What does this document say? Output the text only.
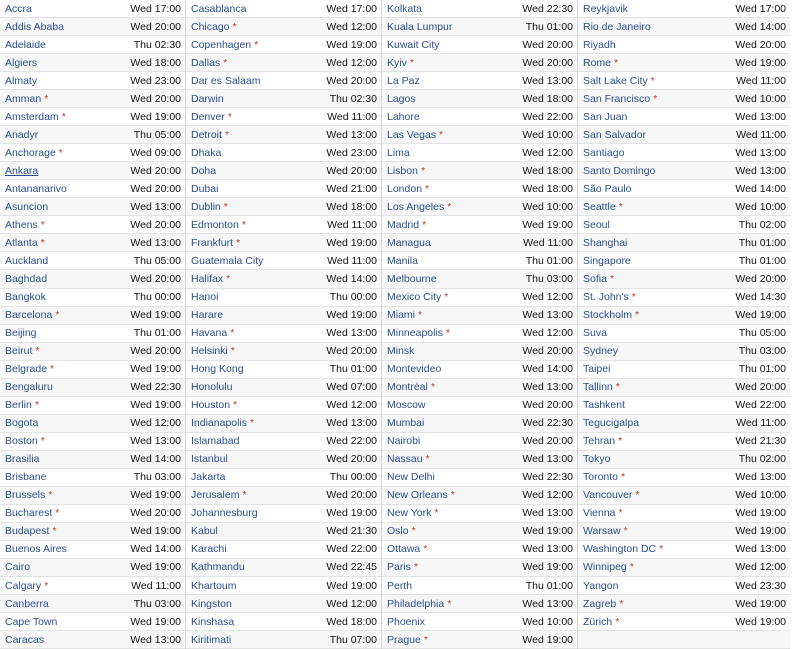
Accra	Wed 17:00
Addis Ababa	Wed 20:00
Adelaide	Thu 02:30
Algiers	Wed 18:00
Almaty	Wed 23:00
Amman *	Wed 20:00
Amsterdam *	Wed 19:00
Anadyr	Thu 05:00
Anchorage *	Wed 09:00
Ankara	Wed 20:00
Antananarivo	Wed 20:00
Asuncion	Wed 13:00
Athens *	Wed 20:00
Atlanta *	Wed 13:00
Auckland	Thu 05:00
Baghdad	Wed 20:00
Bangkok	Thu 00:00
Barcelona *	Wed 19:00
Beijing	Thu 01:00
Beirut *	Wed 20:00
Belgrade *	Wed 19:00
Bengaluru	Wed 22:30
Berlin *	Wed 19:00
Bogota	Wed 12:00
Boston *	Wed 13:00
Brasilia	Wed 14:00
Brisbane	Thu 03:00
Brussels *	Wed 19:00
Bucharest *	Wed 20:00
Budapest *	Wed 19:00
Buenos Aires	Wed 14:00
Cairo	Wed 19:00
Calgary *	Wed 11:00
Canberra	Thu 03:00
Cape Town	Wed 19:00
Caracas	Wed 13:00
Casablanca	Wed 17:00
Chicago *	Wed 12:00
Copenhagen *	Wed 19:00
Dallas *	Wed 12:00
Dar es Salaam	Wed 20:00
Darwin	Thu 02:30
Denver *	Wed 11:00
Detroit *	Wed 13:00
Dhaka	Wed 23:00
Doha	Wed 20:00
Dubai	Wed 21:00
Dublin *	Wed 18:00
Edmonton *	Wed 11:00
Frankfurt *	Wed 19:00
Guatemala City	Wed 11:00
Halifax *	Wed 14:00
Hanoi	Thu 00:00
Harare	Wed 19:00
Havana *	Wed 13:00
Helsinki *	Wed 20:00
Hong Kong	Thu 01:00
Honolulu	Wed 07:00
Houston *	Wed 12:00
Indianapolis *	Wed 13:00
Islamabad	Wed 22:00
Istanbul	Wed 20:00
Jakarta	Thu 00:00
Jerusalem *	Wed 20:00
Johannesburg	Wed 19:00
Kabul	Wed 21:30
Karachi	Wed 22:00
Kathmandu	Wed 22:45
Khartoum	Wed 19:00
Kingston	Wed 12:00
Kinshasa	Wed 18:00
Kiritimati	Thu 07:00
Kolkata	Wed 22:30
Kuala Lumpur	Thu 01:00
Kuwait City	Wed 20:00
Kyiv *	Wed 20:00
La Paz	Wed 13:00
Lagos	Wed 18:00
Lahore	Wed 22:00
Las Vegas *	Wed 10:00
Lima	Wed 12:00
Lisbon *	Wed 18:00
London *	Wed 18:00
Los Angeles *	Wed 10:00
Madrid *	Wed 19:00
Managua	Wed 11:00
Manila	Thu 01:00
Melbourne	Thu 03:00
Mexico City *	Wed 12:00
Miami *	Wed 13:00
Minneapolis *	Wed 12:00
Minsk	Wed 20:00
Montevideo	Wed 14:00
Montréal *	Wed 13:00
Moscow	Wed 20:00
Mumbai	Wed 22:30
Nairobi	Wed 20:00
Nassau *	Wed 13:00
New Delhi	Wed 22:30
New Orleans *	Wed 12:00
New York *	Wed 13:00
Oslo *	Wed 19:00
Ottawa *	Wed 13:00
Paris *	Wed 19:00
Perth	Thu 01:00
Philadelphia *	Wed 13:00
Phoenix	Wed 10:00
Prague *	Wed 19:00
Reykjavik	Wed 17:00
Rio de Janeiro	Wed 14:00
Riyadh	Wed 20:00
Rome *	Wed 19:00
Salt Lake City *	Wed 11:00
San Francisco *	Wed 10:00
San Juan	Wed 13:00
San Salvador	Wed 11:00
Santiago	Wed 13:00
Santo Domingo	Wed 13:00
São Paulo	Wed 14:00
Seattle *	Wed 10:00
Seoul	Thu 02:00
Shanghai	Thu 01:00
Singapore	Thu 01:00
Sofia *	Wed 20:00
St. John's *	Wed 14:30
Stockholm *	Wed 19:00
Suva	Thu 05:00
Sydney	Thu 03:00
Taipei	Thu 01:00
Tallinn *	Wed 20:00
Tashkent	Wed 22:00
Tegucigalpa	Wed 11:00
Tehran *	Wed 21:30
Tokyo	Thu 02:00
Toronto *	Wed 13:00
Vancouver *	Wed 10:00
Vienna *	Wed 19:00
Warsaw *	Wed 19:00
Washington DC *	Wed 13:00
Winnipeg *	Wed 12:00
Yangon	Wed 23:30
Zagreb *	Wed 19:00
Zürich *	Wed 19:00
